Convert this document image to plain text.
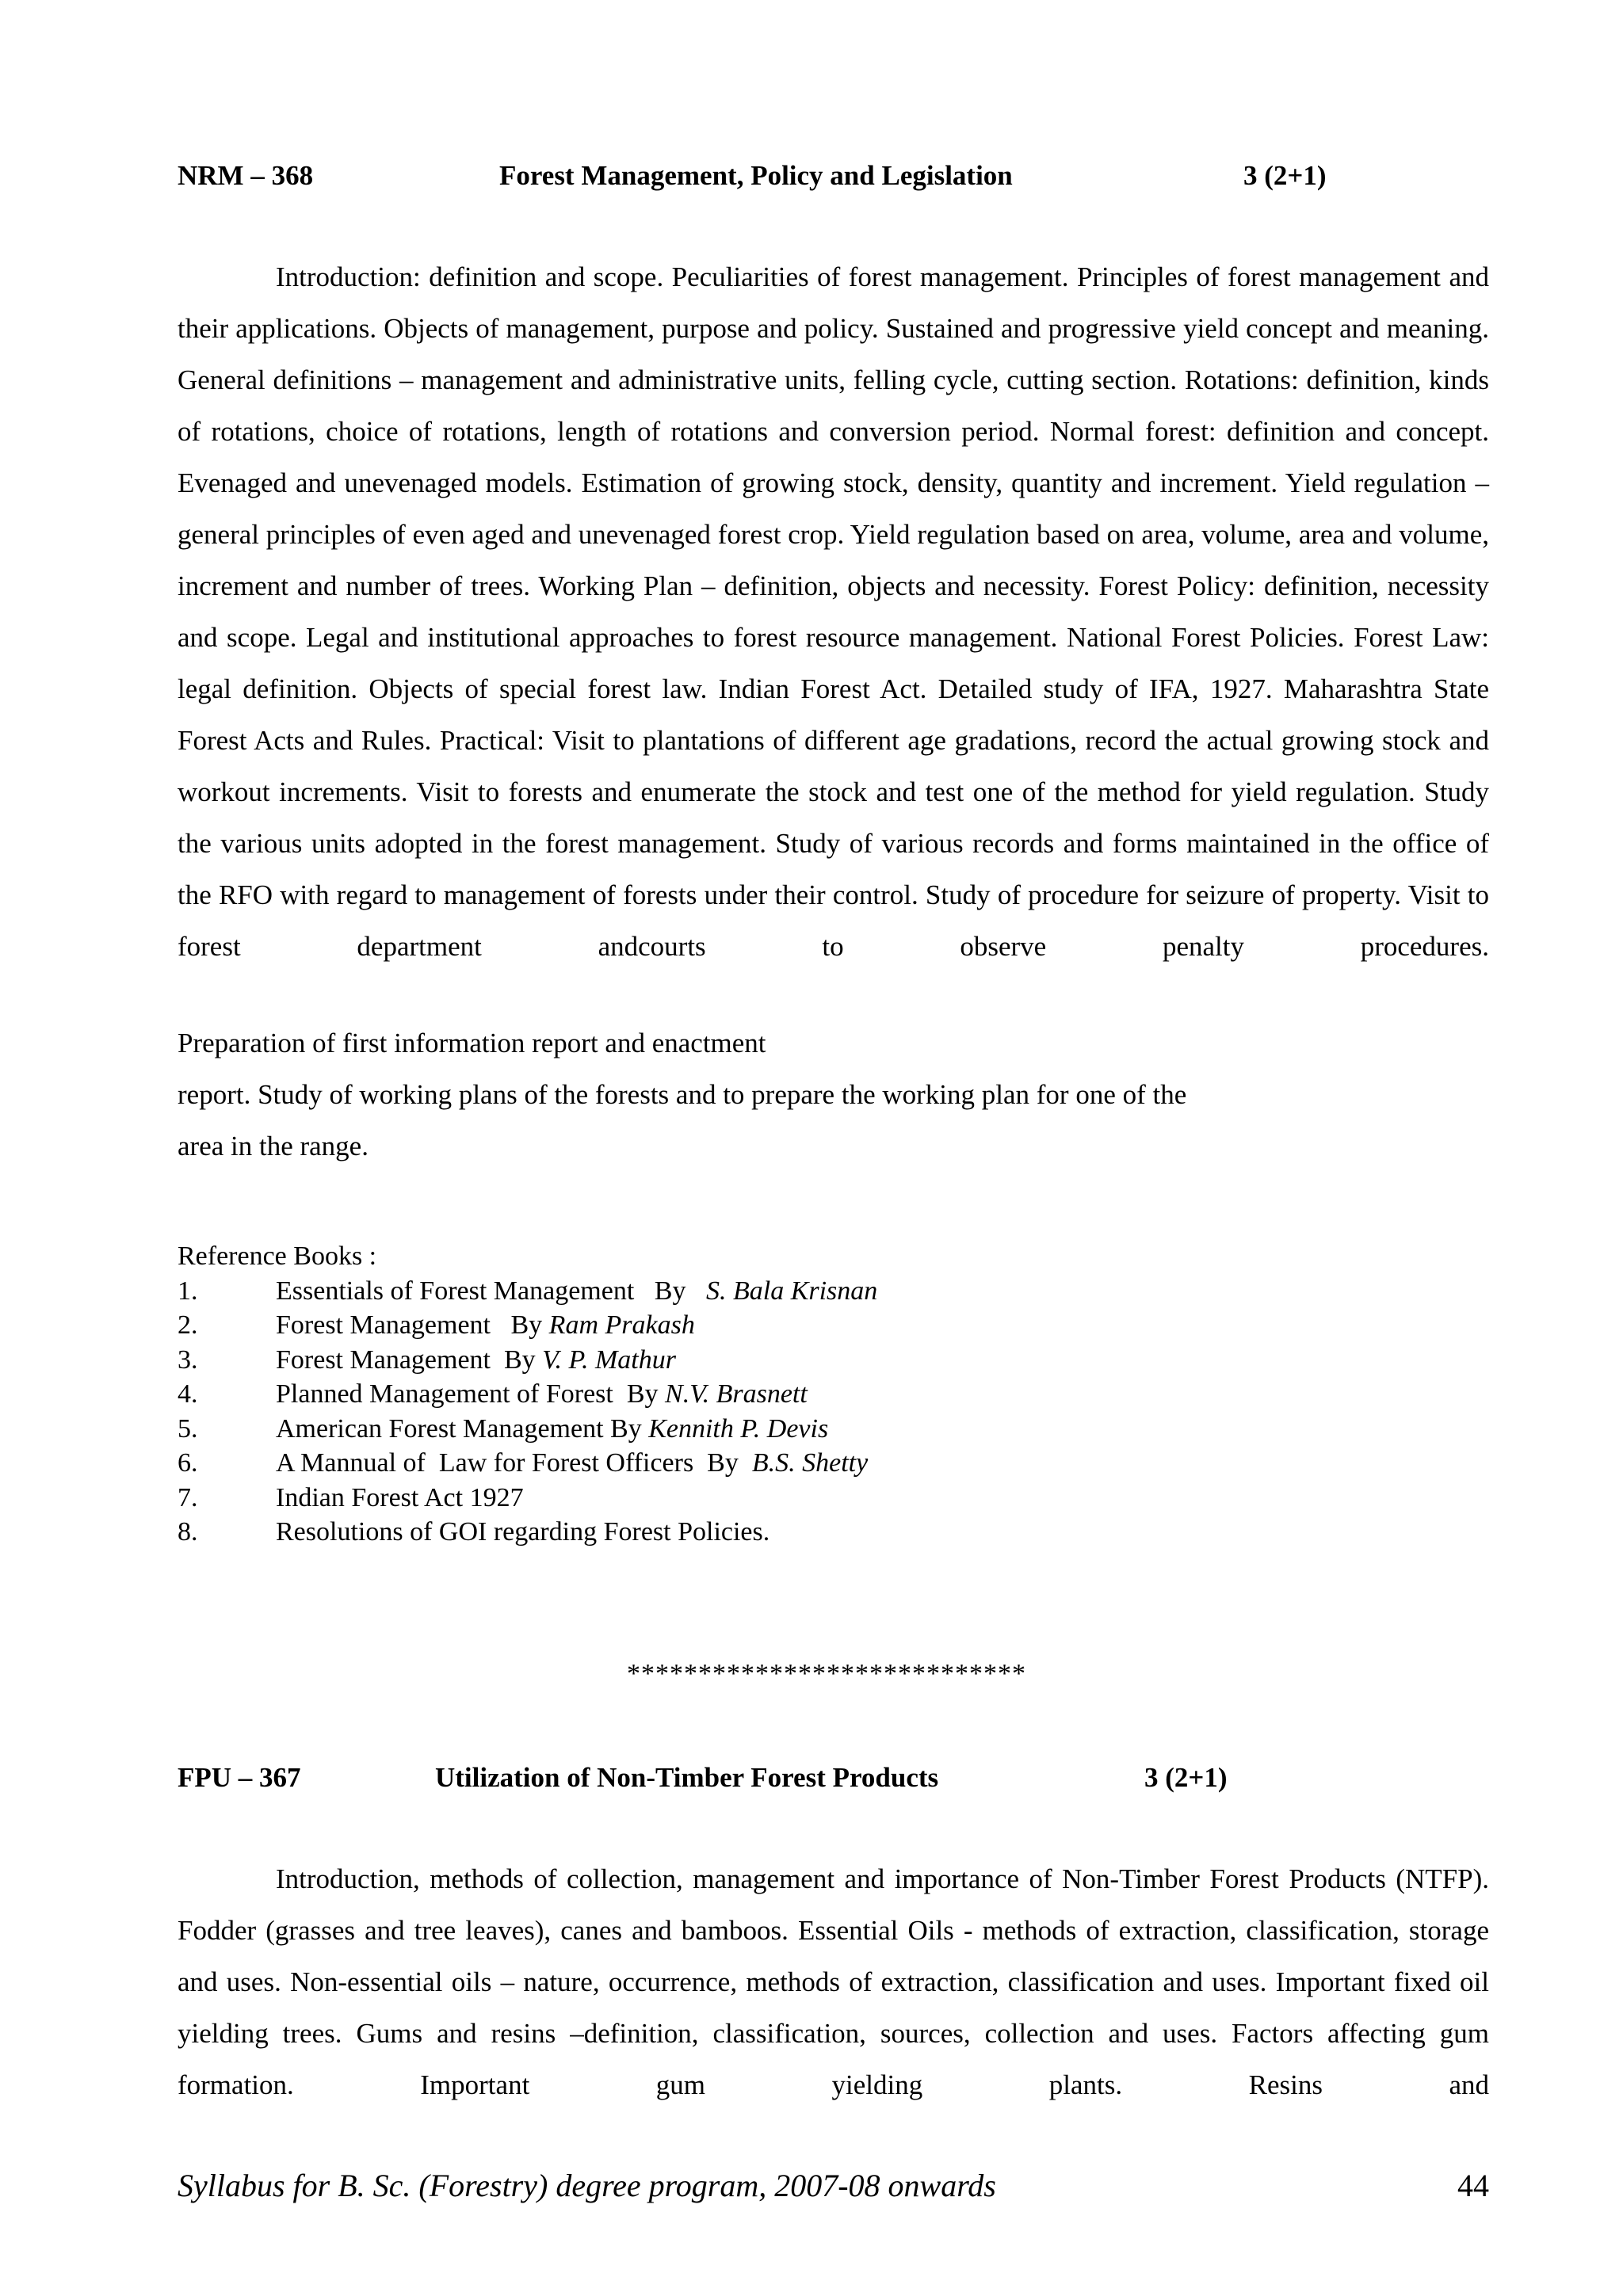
NRM – 368	Forest Management, Policy and Legislation	3 (2+1)

Introduction: definition and scope. Peculiarities of forest management. Principles of forest management and their applications. Objects of management, purpose and policy. Sustained and progressive yield concept and meaning. General definitions – management and administrative units, felling cycle, cutting section. Rotations: definition, kinds of rotations, choice of rotations, length of rotations and conversion period. Normal forest: definition and concept. Evenaged and unevenaged models. Estimation of growing stock, density, quantity and increment. Yield regulation – general principles of even aged and unevenaged forest crop. Yield regulation based on area, volume, area and volume, increment and number of trees. Working Plan – definition, objects and necessity. Forest Policy: definition, necessity and scope. Legal and institutional approaches to forest resource management. National Forest Policies. Forest Law: legal definition. Objects of special forest law. Indian Forest Act. Detailed study of IFA, 1927. Maharashtra State Forest Acts and Rules. Practical: Visit to plantations of different age gradations, record the actual growing stock and workout increments. Visit to forests and enumerate the stock and test one of the method for yield regulation. Study the various units adopted in the forest management. Study of various records and forms maintained in the office of the RFO with regard to management of forests under their control. Study of procedure for seizure of property. Visit to forest department andcourts to observe penalty procedures.

Preparation of first information report and enactment
report. Study of working plans of the forests and to prepare the working plan for one of the
area in the range.
Reference Books :
1.	Essentials of Forest Management   By   S. Bala Krisnan
2.	Forest Management   By Ram Prakash
3.	Forest Management  By V. P. Mathur
4.	Planned Management of Forest  By N.V. Brasnett
5.	American Forest Management By Kennith P. Devis
6.	A Mannual of  Law for Forest Officers  By  B.S. Shetty
7.	Indian Forest Act 1927
8.	Resolutions of GOI regarding Forest Policies.
****************************
FPU – 367	Utilization of Non-Timber Forest Products	3 (2+1)

Introduction, methods of collection, management and importance of Non-Timber Forest Products (NTFP). Fodder (grasses and tree leaves), canes and bamboos. Essential Oils - methods of extraction, classification, storage and uses. Non-essential oils – nature, occurrence, methods of extraction, classification and uses. Important fixed oil yielding trees. Gums and resins –definition, classification, sources, collection and uses. Factors affecting gum formation. Important gum yielding plants. Resins and

Syllabus for B. Sc. (Forestry) degree program, 2007-08 onwards	44
